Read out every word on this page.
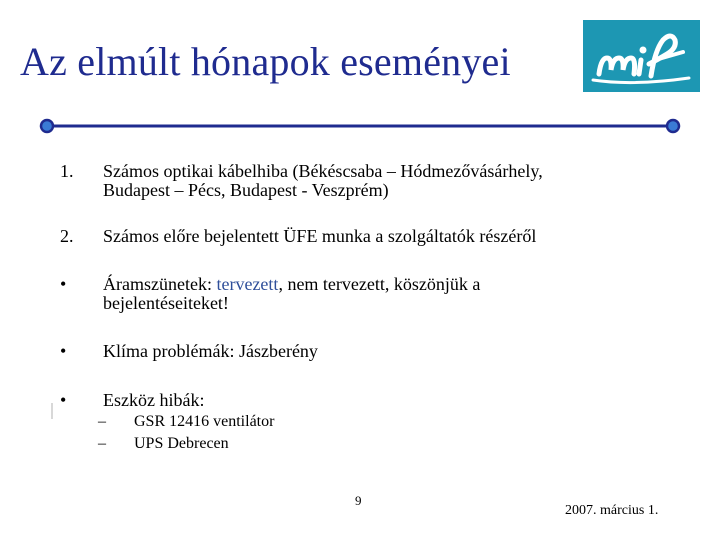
Az elmúlt hónapok eseményei
1. Számos optikai kábelhiba (Békéscsaba – Hódmezővásárhely,
Budapest – Pécs, Budapest - Veszprém)
2. Számos előre bejelentett ÜFE munka a szolgáltatók részéről
• Áramszünetek: tervezett, nem tervezett, köszönjük a
bejelentéseiteket!
• Klíma problémák: Jászberény
• Eszköz hibák:
– GSR 12416 ventilátor
– UPS Debrecen
9
2007. március 1.
